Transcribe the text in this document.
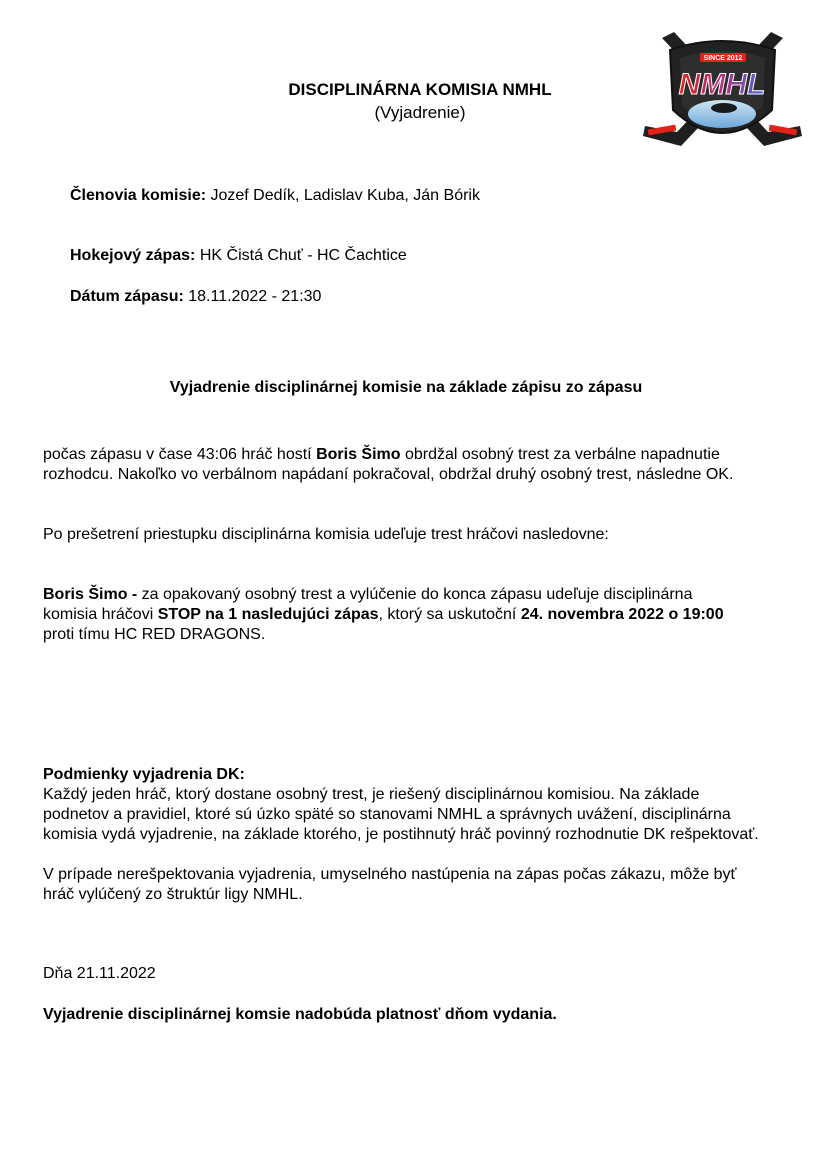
DISCIPLINÁRNA KOMISIA NMHL
(Vyjadrenie)
SINCE 2012
NMHL
Členovia komisie: Jozef Dedík, Ladislav Kuba, Ján Bórik
Hokejový zápas: HK Čistá Chuť - HC Čachtice
Dátum zápasu: 18.11.2022 - 21:30
Vyjadrenie disciplinárnej komisie na základe zápisu zo zápasu
počas zápasu v čase 43:06 hráč hostí Boris Šimo obrdžal osobný trest za verbálne napadnutie
rozhodcu. Nakoľko vo verbálnom napádaní pokračoval, obdržal druhý osobný trest, následne OK.
Po prešetrení priestupku disciplinárna komisia udeľuje trest hráčovi nasledovne:
Boris Šimo - za opakovaný osobný trest a vylúčenie do konca zápasu udeľuje disciplinárna
komisia hráčovi STOP na 1 nasledujúci zápas, ktorý sa uskutoční 24. novembra 2022 o 19:00
proti tímu HC RED DRAGONS.
Podmienky vyjadrenia DK:
Každý jeden hráč, ktorý dostane osobný trest, je riešený disciplinárnou komisiou. Na základe
podnetov a pravidiel, ktoré sú úzko späté so stanovami NMHL a správnych uvážení, disciplinárna
komisia vydá vyjadrenie, na základe ktorého, je postihnutý hráč povinný rozhodnutie DK rešpektovať.
V prípade nerešpektovania vyjadrenia, umyselného nastúpenia na zápas počas zákazu, môže byť
hráč vylúčený zo štruktúr ligy NMHL.
Dňa 21.11.2022
Vyjadrenie disciplinárnej komsie nadobúda platnosť dňom vydania.
